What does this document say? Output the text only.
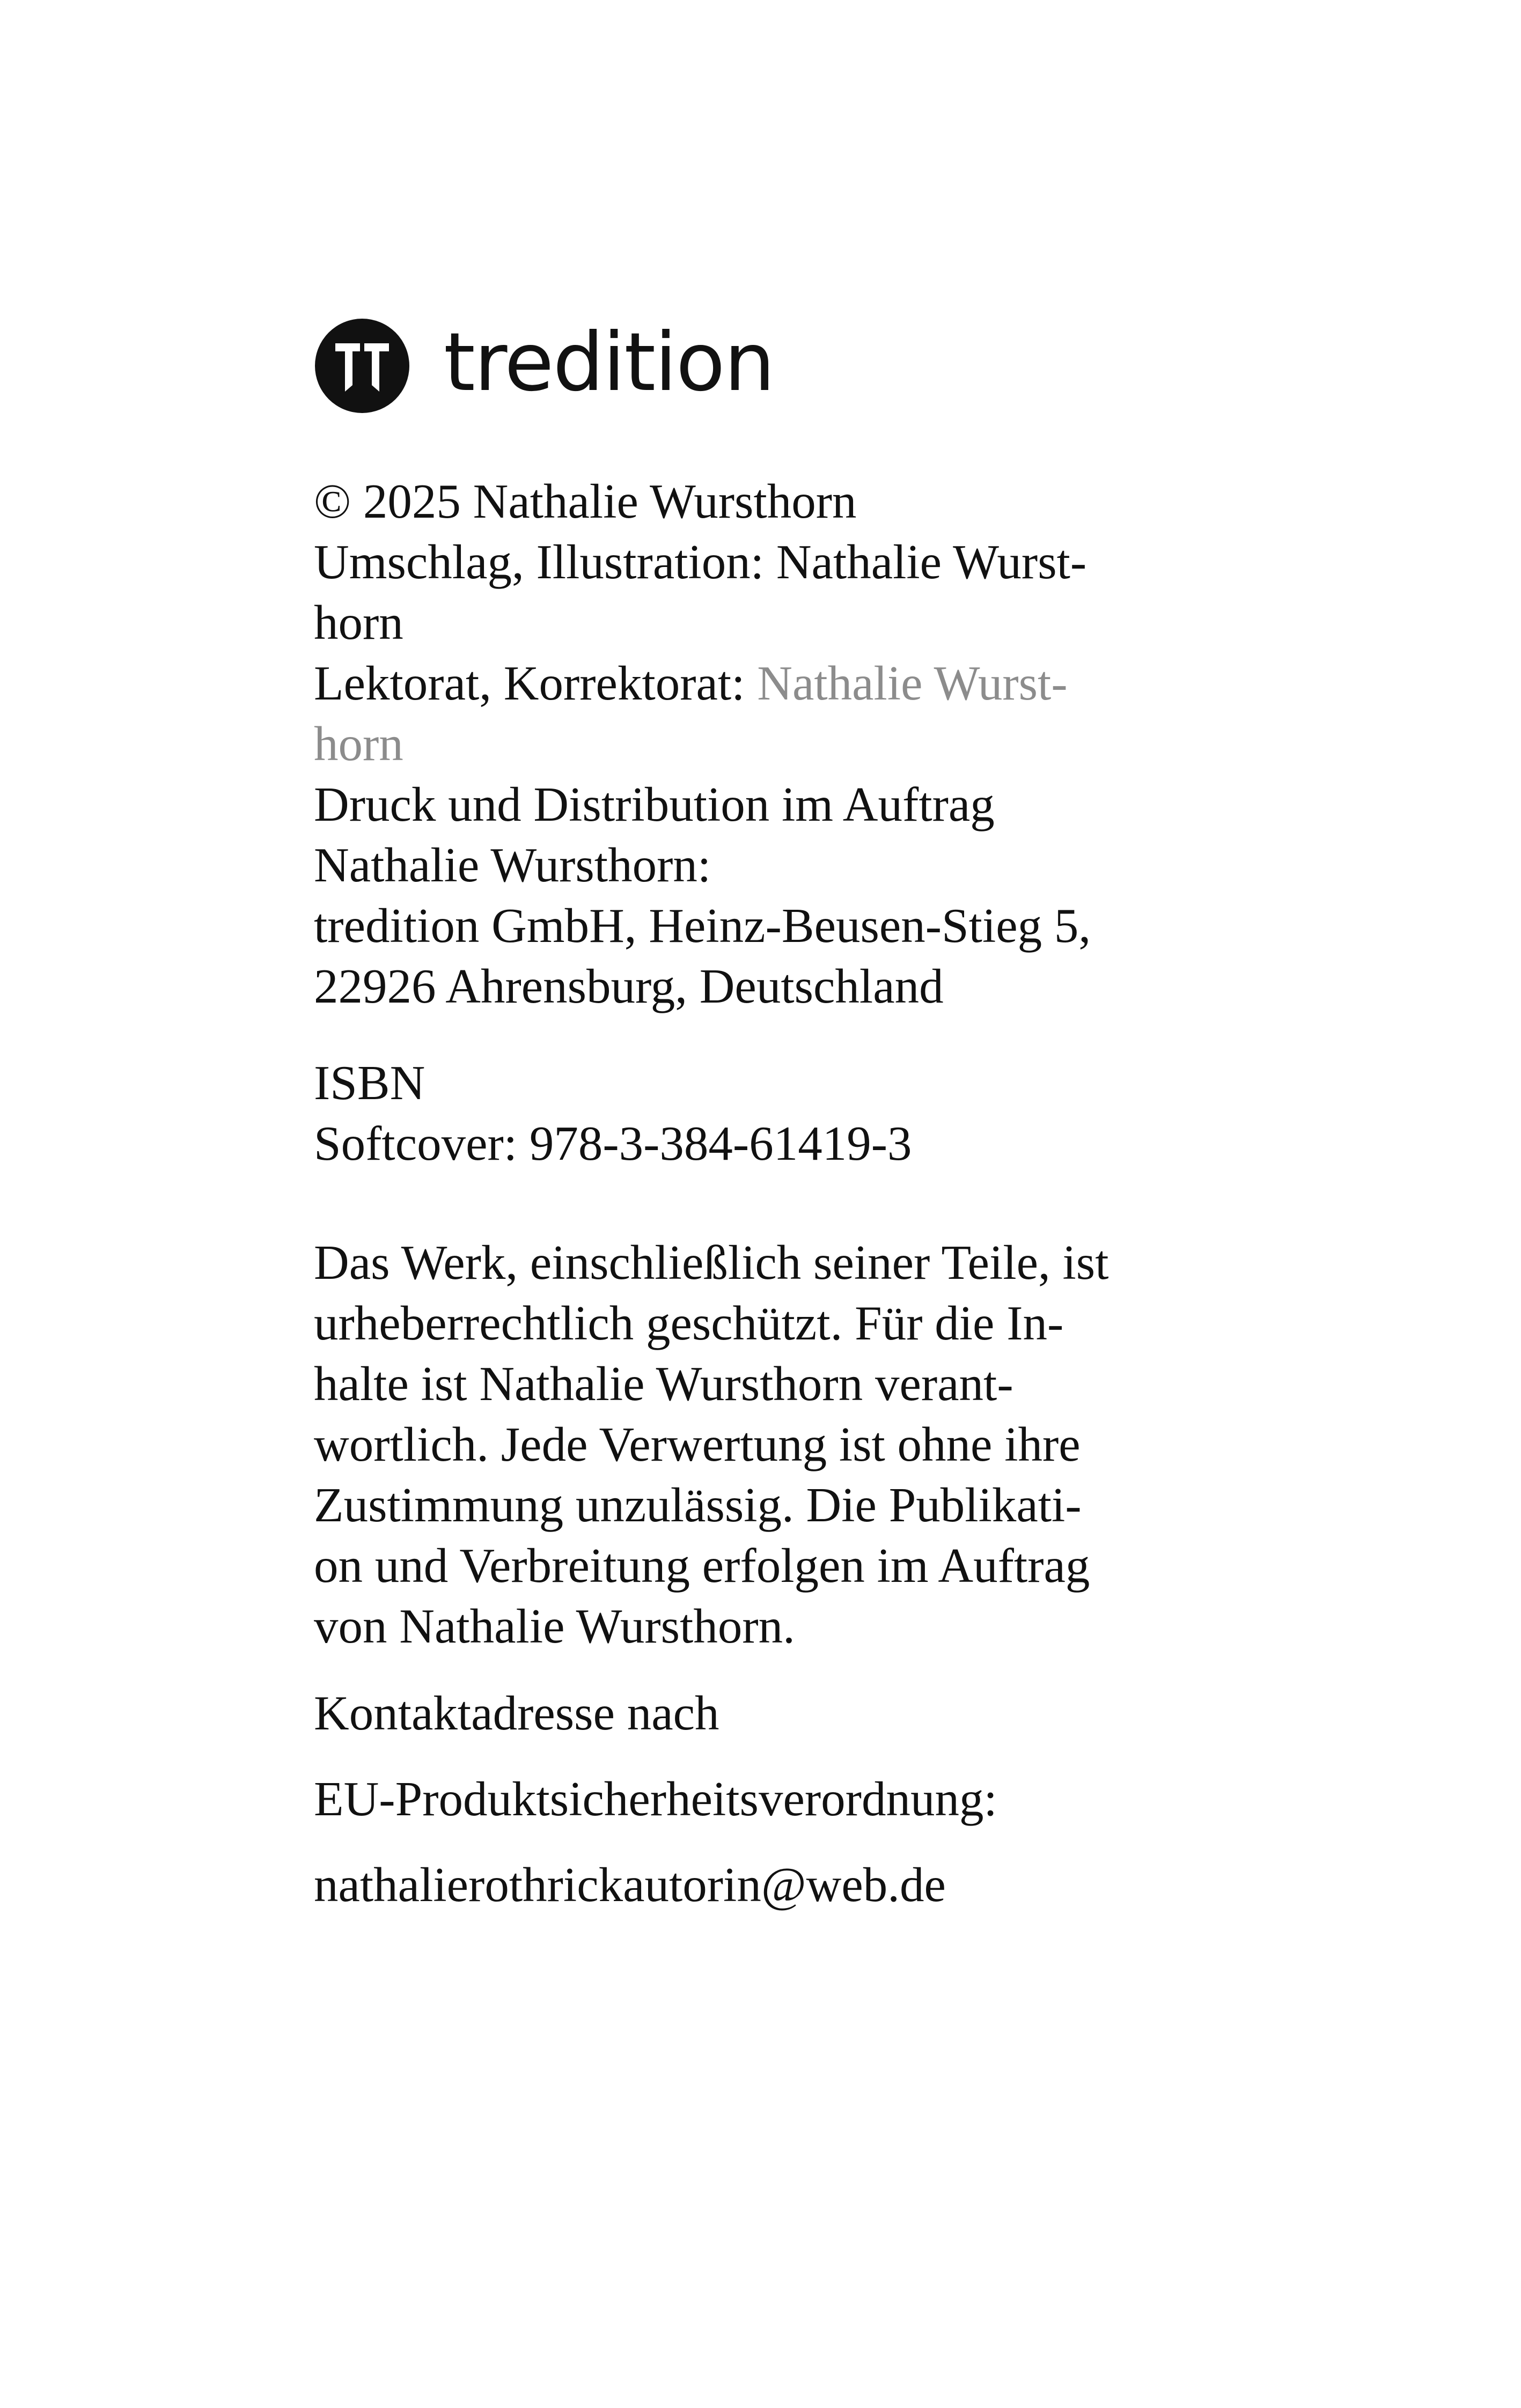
tredition

© 2025 Nathalie Wursthorn

Umschlag, Illustration: Nathalie Wurst-

horn

Lektorat, Korrektorat: Nathalie Wurst-

horn

Druck und Distribution im Auftrag

Nathalie Wursthorn:

tredition GmbH, Heinz-Beusen-Stieg 5,

22926 Ahrensburg, Deutschland

ISBN

Softcover: 978-3-384-61419-3

Das Werk, einschließlich seiner Teile, ist

urheberrechtlich geschützt. Für die In-

halte ist Nathalie Wursthorn verant-

wortlich. Jede Verwertung ist ohne ihre

Zustimmung unzulässig. Die Publikati-

on und Verbreitung erfolgen im Auftrag

von Nathalie Wursthorn.

Kontaktadresse nach

EU-Produktsicherheitsverordnung:

nathalierothrickautorin@web.de
